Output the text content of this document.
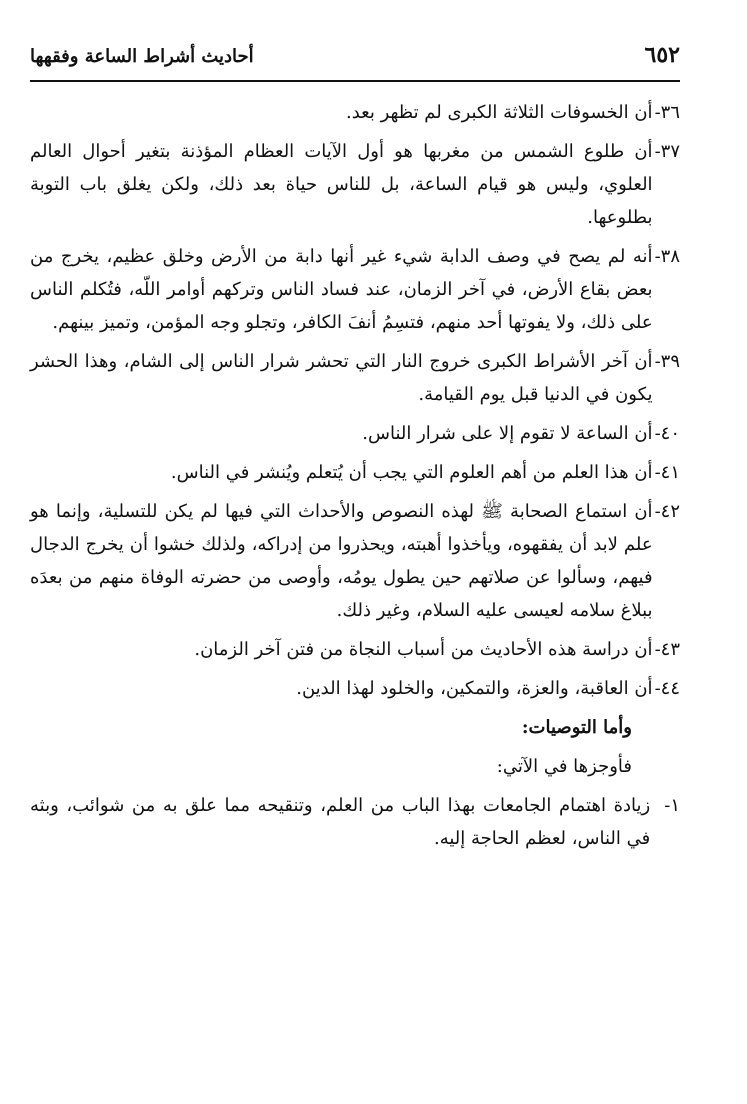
٦٥٢
أحاديث أشراط الساعة وفقهها
٣٦-
أن الخسوفات الثلاثة الكبرى لم تظهر بعد.
٣٧-
أن طلوع الشمس من مغربها هو أول الآيات العظام المؤذنة بتغير أحوال العالم العلوي، وليس هو قيام الساعة، بل للناس حياة بعد ذلك، ولكن يغلق باب التوبة بطلوعها.
٣٨-
أنه لم يصح في وصف الدابة شيء غير أنها دابة من الأرض وخلق عظيم، يخرج من بعض بقاع الأرض، في آخر الزمان، عند فساد الناس وتركهم أوامر اللّه، فتُكلم الناس على ذلك، ولا يفوتها أحد منهم، فتسِمُ أنفَ الكافر، وتجلو وجه المؤمن، وتميز بينهم.
٣٩-
أن آخر الأشراط الكبرى خروج النار التي تحشر شرار الناس إلى الشام، وهذا الحشر يكون في الدنيا قبل يوم القيامة.
٤٠-
أن الساعة لا تقوم إلا على شرار الناس.
٤١-
أن هذا العلم من أهم العلوم التي يجب أن يُتعلم ويُنشر في الناس.
٤٢-
أن استماع الصحابة ﷺ لهذه النصوص والأحداث التي فيها لم يكن للتسلية، وإنما هو علم لابد أن يفقهوه، ويأخذوا أهبته، ويحذروا من إدراكه، ولذلك خشوا أن يخرج الدجال فيهم، وسألوا عن صلاتهم حين يطول يومُه، وأوصى من حضرته الوفاة منهم من بعدَه ببلاغ سلامه لعيسى عليه السلام، وغير ذلك.
٤٣-
أن دراسة هذه الأحاديث من أسباب النجاة من فتن آخر الزمان.
٤٤-
أن العاقبة، والعزة، والتمكين، والخلود لهذا الدين.
وأما التوصيات:
فأوجزها في الآتي:
١-
زيادة اهتمام الجامعات بهذا الباب من العلم، وتنقيحه مما علق به من شوائب، وبثه في الناس، لعظم الحاجة إليه.
